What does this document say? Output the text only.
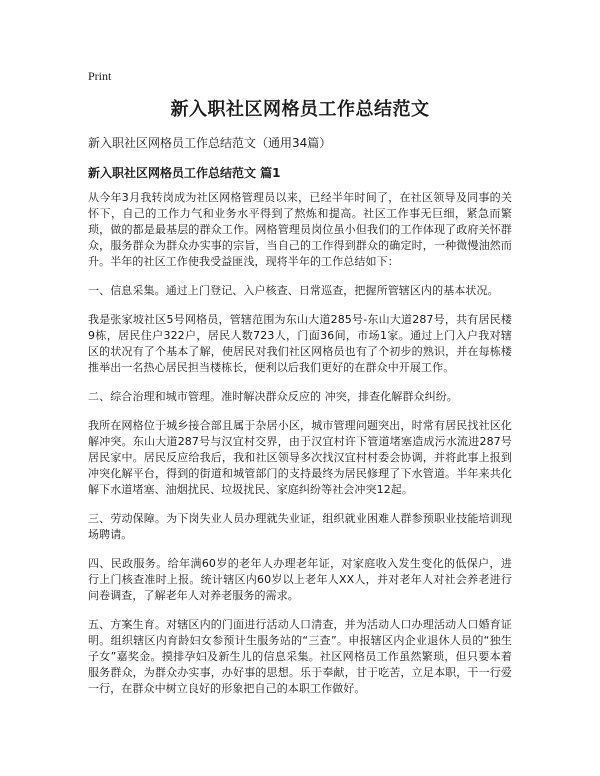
Print
新入职社区网格员工作总结范文
新入职社区网格员工作总结范文（通用34篇）
新入职社区网格员工作总结范文 篇1

从今年3月我转岗成为社区网格管理员以来，已经半年时间了，在社区领导及同事的关怀下，自己的工作力气和业务水平得到了熬炼和提高。社区工作事无巨细，紧急而繁琐，做的都是最基层的群众工作。网格管理员岗位虽小但我们的工作体现了政府关怀群众，服务群众为群众办实事的宗旨，当自己的工作得到群众的确定时，一种微慢油然而升。半年的社区工作使我受益匪浅，现将半年的工作总结如下：

一、信息采集。通过上门登记、入户核查、日常巡查，把握所管辖区内的基本状况。

我是张家坡社区5号网格员，管辖范围为东山大道285号-东山大道287号，共有居民楼9栋，居民住户322户，居民人数723人，门面36间，市场1家。通过上门入户我对辖区的状况有了个基本了解，使居民对我们社区网格员也有了个初步的熟识，并在每栋楼推举出一名热心居民担当楼栋长，便利以后我们更好的在群众中开展工作。

二、综合治理和城市管理。准时解决群众反应的 冲突，排查化解群众纠纷。

我所在网格位于城乡接合部且属于杂居小区，城市管理问题突出，时常有居民找社区化解冲突。东山大道287号与汉宜村交界，由于汉宜村许下管道堵塞造成污水流进287号居民家中。居民反应给我后，我和社区领导多次找汉宜村村委会协调，并将此事上报到冲突化解平台，得到的街道和城管部门的支持最终为居民修理了下水管道。半年来共化解下水道堵塞、油烟扰民、垃圾扰民、家庭纠纷等社会冲突12起。

三、劳动保障。为下岗失业人员办理就失业证，组织就业困难人群参预职业技能培训现场聘请。

四、民政服务。给年满60岁的老年人办理老年证，对家庭收入发生变化的低保户，进行上门核查准时上报。统计辖区内60岁以上老年人XX人，并对老年人对社会养老进行问卷调查，了解老年人对养老服务的需求。

五、方案生育。对辖区内的门面进行活动人口清查，并为活动人口办理活动人口婚育证明。组织辖区内育龄妇女参预计生服务站的“三查”。申报辖区内企业退休人员的“独生子女”嘉奖金。摸排孕妇及新生儿的信息采集。社区网格员工作虽然繁琐，但只要本着服务群众，为群众办实事，办好事的思想。乐于奉献，甘于吃苦，立足本职，干一行爱一行，在群众中树立良好的形象把自己的本职工作做好。
